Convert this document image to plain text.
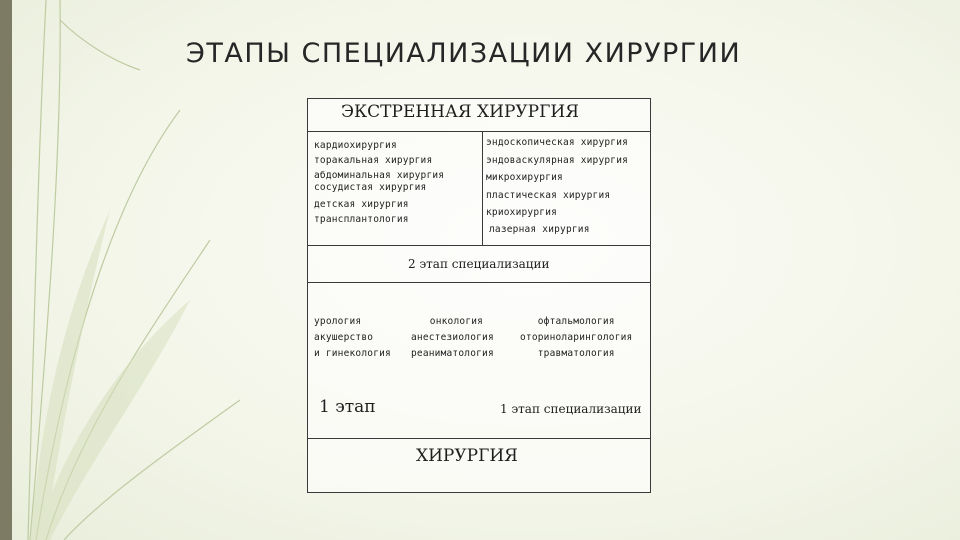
ЭТАПЫ СПЕЦИАЛИЗАЦИИ ХИРУРГИИ
ЭКСТРЕННАЯ ХИРУРГИЯ
кардиохирургия
торакальная хирургия
абдоминальная хирургия
сосудистая хирургия
детская хирургия
трансплантология
эндоскопическая хирургия
эндоваскулярная хирургия
микрохирургия
пластическая хирургия
криохирургия
лазерная хирургия
2 этап специализации
урология
акушерство
и гинекология
онкология
анестезиология
реаниматология
офтальмология
оториноларингология
травматология
1 этап	1 этап специализации
ХИРУРГИЯ
